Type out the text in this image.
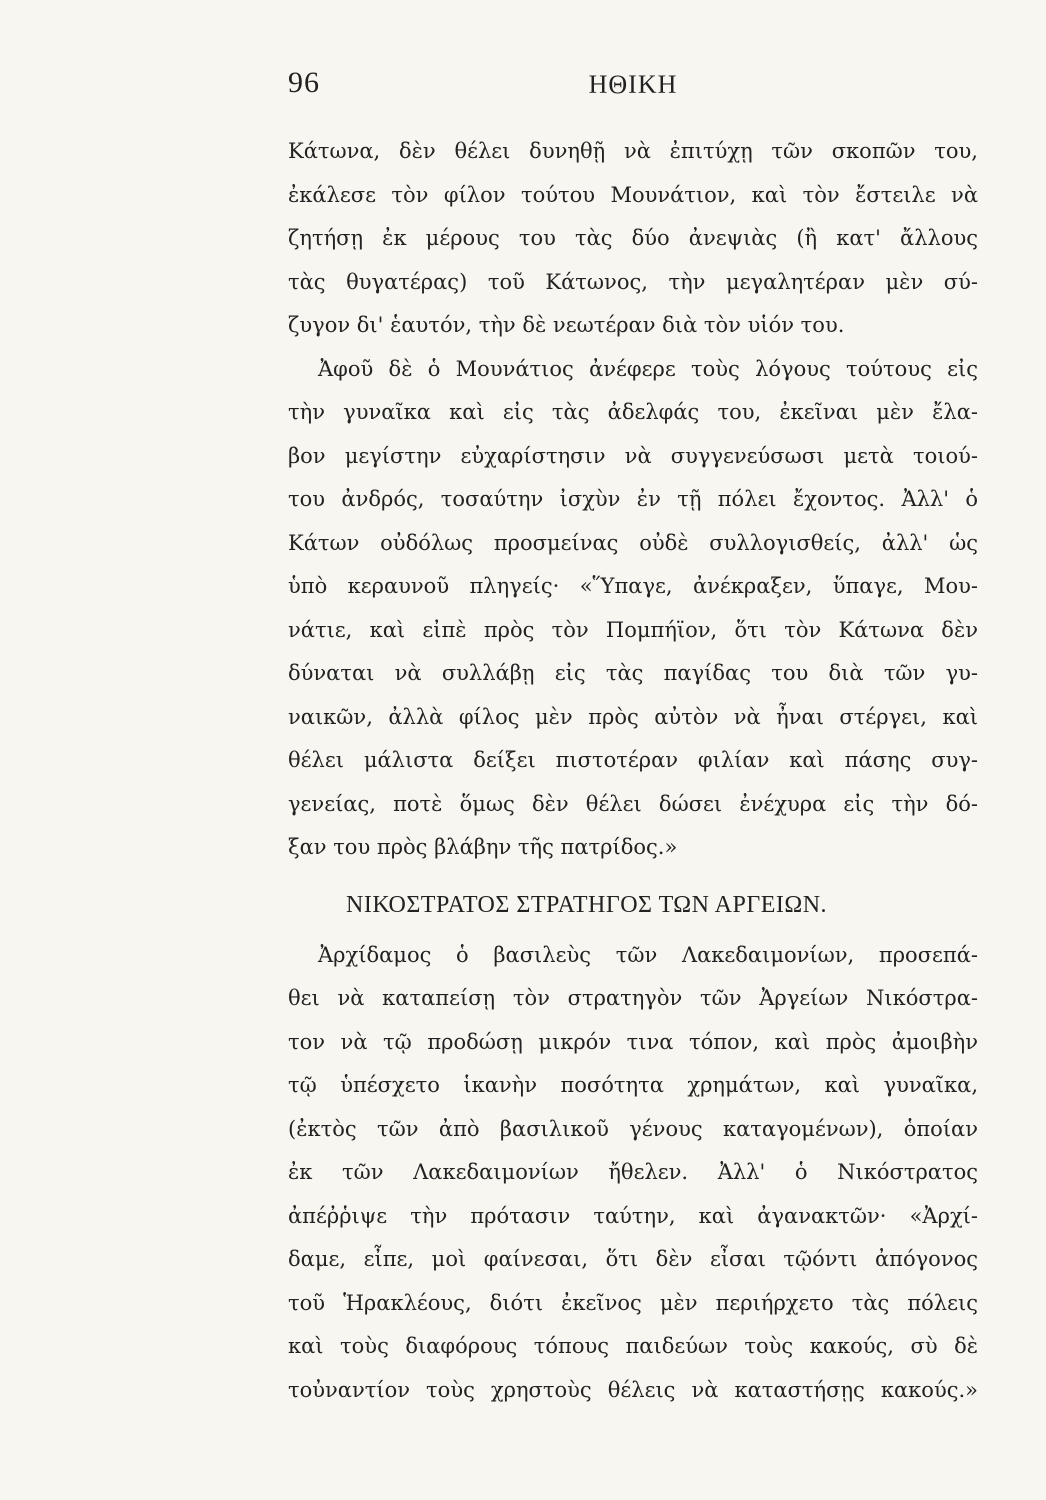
96	ΗΘΙΚΗ
Κάτωνα, δὲν θέλει δυνηθῇ νὰ ἐπιτύχῃ τῶν σκοπῶν του,
ἐκάλεσε τὸν φίλον τούτου Μουνάτιον, καὶ τὸν ἔστειλε νὰ
ζητήσῃ ἐκ μέρους του τὰς δύο ἀνεψιὰς (ἢ κατ' ἄλλους
τὰς θυγατέρας) τοῦ Κάτωνος, τὴν μεγαλητέραν μὲν σύ-
ζυγον δι' ἑαυτόν, τὴν δὲ νεωτέραν διὰ τὸν υἱόν του.
Ἀφοῦ δὲ ὁ Μουνάτιος ἀνέφερε τοὺς λόγους τούτους εἰς
τὴν γυναῖκα καὶ εἰς τὰς ἀδελφάς του, ἐκεῖναι μὲν ἔλα-
βον μεγίστην εὐχαρίστησιν νὰ συγγενεύσωσι μετὰ τοιού-
του ἀνδρός, τοσαύτην ἰσχὺν ἐν τῇ πόλει ἔχοντος. Ἀλλ' ὁ
Κάτων οὐδόλως προσμείνας οὐδὲ συλλογισθείς, ἀλλ' ὡς
ὑπὸ κεραυνοῦ πληγείς· «Ὕπαγε, ἀνέκραξεν, ὕπαγε, Μου-
νάτιε, καὶ εἰπὲ πρὸς τὸν Πομπήϊον, ὅτι τὸν Κάτωνα δὲν
δύναται νὰ συλλάβῃ εἰς τὰς παγίδας του διὰ τῶν γυ-
ναικῶν, ἀλλὰ φίλος μὲν πρὸς αὐτὸν νὰ ἦναι στέργει, καὶ
θέλει μάλιστα δείξει πιστοτέραν φιλίαν καὶ πάσης συγ-
γενείας, ποτὲ ὅμως δὲν θέλει δώσει ἐνέχυρα εἰς τὴν δό-
ξαν του πρὸς βλάβην τῆς πατρίδος.»
ΝΙΚΟΣΤΡΑΤΟΣ ΣΤΡΑΤΗΓΟΣ ΤΩΝ ΑΡΓΕΙΩΝ.
Ἀρχίδαμος ὁ βασιλεὺς τῶν Λακεδαιμονίων, προσεπά-
θει νὰ καταπείσῃ τὸν στρατηγὸν τῶν Ἀργείων Νικόστρα-
τον νὰ τῷ προδώσῃ μικρόν τινα τόπον, καὶ πρὸς ἀμοιβὴν
τῷ ὑπέσχετο ἱκανὴν ποσότητα χρημάτων, καὶ γυναῖκα,
(ἐκτὸς τῶν ἀπὸ βασιλικοῦ γένους καταγομένων), ὁποίαν
ἐκ τῶν Λακεδαιμονίων ἤθελεν. Ἀλλ' ὁ Νικόστρατος
ἀπέῤῥιψε τὴν πρότασιν ταύτην, καὶ ἀγανακτῶν· «Ἀρχί-
δαμε, εἶπε, μοὶ φαίνεσαι, ὅτι δὲν εἶσαι τῷόντι ἀπόγονος
τοῦ Ἡρακλέους, διότι ἐκεῖνος μὲν περιήρχετο τὰς πόλεις
καὶ τοὺς διαφόρους τόπους παιδεύων τοὺς κακούς, σὺ δὲ
τοὐναντίον τοὺς χρηστοὺς θέλεις νὰ καταστήσῃς κακούς.»
